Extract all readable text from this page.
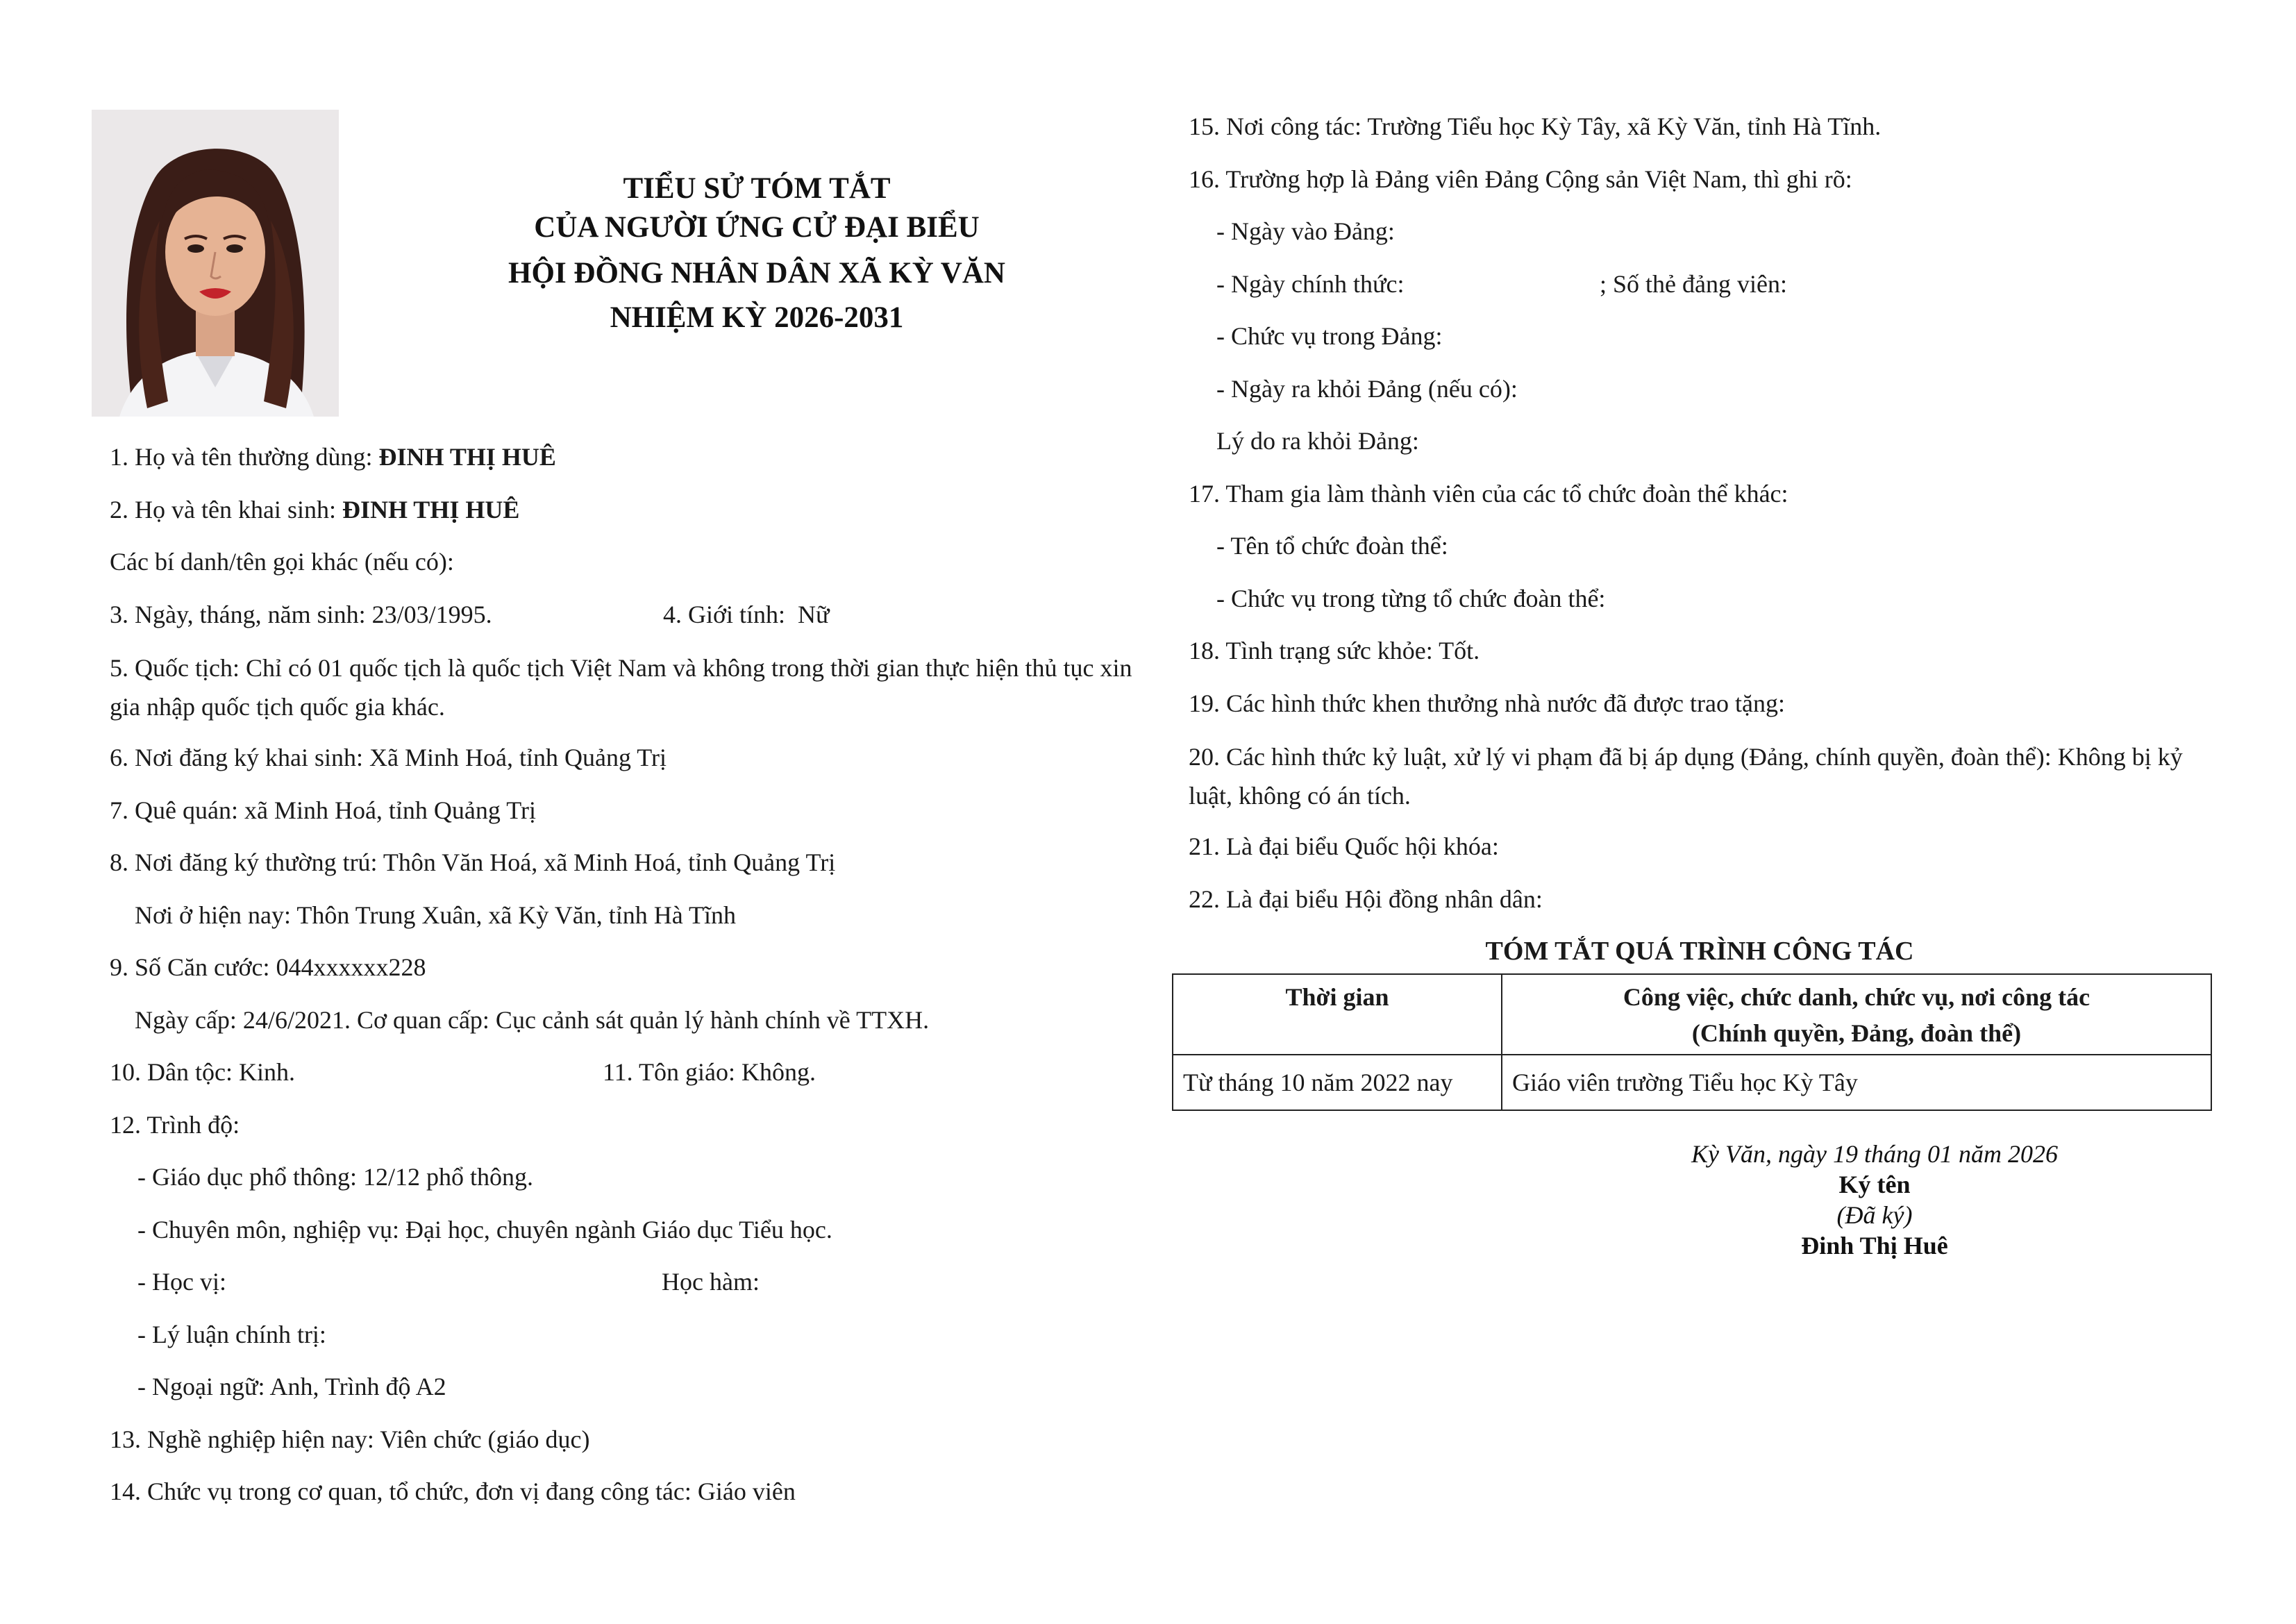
TIỂU SỬ TÓM TẮT
CỦA NGƯỜI ỨNG CỬ ĐẠI BIỂU
HỘI ĐỒNG NHÂN DÂN XÃ KỲ VĂN
NHIỆM KỲ 2026-2031
1. Họ và tên thường dùng: ĐINH THỊ HUÊ
2. Họ và tên khai sinh: ĐINH THỊ HUÊ
Các bí danh/tên gọi khác (nếu có):
3. Ngày, tháng, năm sinh: 23/03/1995.	4. Giới tính: Nữ
5. Quốc tịch: Chỉ có 01 quốc tịch là quốc tịch Việt Nam và không trong thời gian thực hiện thủ tục xin gia nhập quốc tịch quốc gia khác.
6. Nơi đăng ký khai sinh: Xã Minh Hoá, tỉnh Quảng Trị
7. Quê quán: xã Minh Hoá, tỉnh Quảng Trị
8. Nơi đăng ký thường trú: Thôn Văn Hoá, xã Minh Hoá, tỉnh Quảng Trị
Nơi ở hiện nay: Thôn Trung Xuân, xã Kỳ Văn, tỉnh Hà Tĩnh
9. Số Căn cước: 044xxxxxx228
Ngày cấp: 24/6/2021. Cơ quan cấp: Cục cảnh sát quản lý hành chính về TTXH.
10. Dân tộc: Kinh.	11. Tôn giáo: Không.
12. Trình độ:
- Giáo dục phổ thông: 12/12 phổ thông.
- Chuyên môn, nghiệp vụ: Đại học, chuyên ngành Giáo dục Tiểu học.
- Học vị:	Học hàm:
- Lý luận chính trị:
- Ngoại ngữ: Anh, Trình độ A2
13. Nghề nghiệp hiện nay: Viên chức (giáo dục)
14. Chức vụ trong cơ quan, tổ chức, đơn vị đang công tác: Giáo viên
15. Nơi công tác: Trường Tiểu học Kỳ Tây, xã Kỳ Văn, tỉnh Hà Tĩnh.
16. Trường hợp là Đảng viên Đảng Cộng sản Việt Nam, thì ghi rõ:
- Ngày vào Đảng:
- Ngày chính thức:	; Số thẻ đảng viên:
- Chức vụ trong Đảng:
- Ngày ra khỏi Đảng (nếu có):
Lý do ra khỏi Đảng:
17. Tham gia làm thành viên của các tổ chức đoàn thể khác:
- Tên tổ chức đoàn thể:
- Chức vụ trong từng tổ chức đoàn thể:
18. Tình trạng sức khỏe: Tốt.
19. Các hình thức khen thưởng nhà nước đã được trao tặng:
20. Các hình thức kỷ luật, xử lý vi phạm đã bị áp dụng (Đảng, chính quyền, đoàn thể): Không bị kỷ luật, không có án tích.
21. Là đại biểu Quốc hội khóa:
22. Là đại biểu Hội đồng nhân dân:
TÓM TẮT QUÁ TRÌNH CÔNG TÁC
Thời gian	Công việc, chức danh, chức vụ, nơi công tác
(Chính quyền, Đảng, đoàn thể)

Từ tháng 10 năm 2022 nay	Giáo viên trường Tiểu học Kỳ Tây
Kỳ Văn, ngày 19 tháng 01 năm 2026
Ký tên
(Đã ký)
Đinh Thị Huê
